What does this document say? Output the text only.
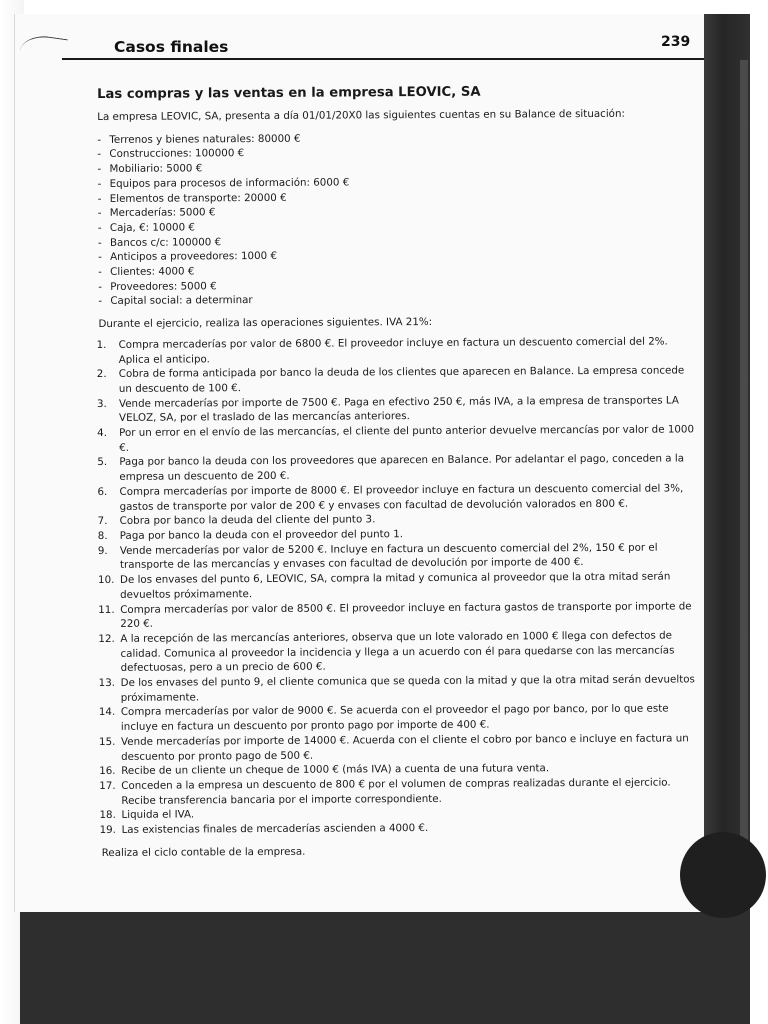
Casos finales	239
Las compras y las ventas en la empresa LEOVIC, SA
La empresa LEOVIC, SA, presenta a día 01/01/20X0 las siguientes cuentas en su Balance de situación:
- Terrenos y bienes naturales: 80000 €
- Construcciones: 100000 €
- Mobiliario: 5000 €
- Equipos para procesos de información: 6000 €
- Elementos de transporte: 20000 €
- Mercaderías: 5000 €
- Caja, €: 10000 €
- Bancos c/c: 100000 €
- Anticipos a proveedores: 1000 €
- Clientes: 4000 €
- Proveedores: 5000 €
- Capital social: a determinar
Durante el ejercicio, realiza las operaciones siguientes. IVA 21%:
1. Compra mercaderías por valor de 6800 €. El proveedor incluye en factura un descuento comercial del 2%. Aplica el anticipo.
2. Cobra de forma anticipada por banco la deuda de los clientes que aparecen en Balance. La empresa concede un descuento de 100 €.
3. Vende mercaderías por importe de 7500 €. Paga en efectivo 250 €, más IVA, a la empresa de transportes LA VELOZ, SA, por el traslado de las mercancías anteriores.
4. Por un error en el envío de las mercancías, el cliente del punto anterior devuelve mercancías por valor de 1000 €.
5. Paga por banco la deuda con los proveedores que aparecen en Balance. Por adelantar el pago, conceden a la empresa un descuento de 200 €.
6. Compra mercaderías por importe de 8000 €. El proveedor incluye en factura un descuento comercial del 3%, gastos de transporte por valor de 200 € y envases con facultad de devolución valorados en 800 €.
7. Cobra por banco la deuda del cliente del punto 3.
8. Paga por banco la deuda con el proveedor del punto 1.
9. Vende mercaderías por valor de 5200 €. Incluye en factura un descuento comercial del 2%, 150 € por el transporte de las mercancías y envases con facultad de devolución por importe de 400 €.
10. De los envases del punto 6, LEOVIC, SA, compra la mitad y comunica al proveedor que la otra mitad serán devueltos próximamente.
11. Compra mercaderías por valor de 8500 €. El proveedor incluye en factura gastos de transporte por importe de 220 €.
12. A la recepción de las mercancías anteriores, observa que un lote valorado en 1000 € llega con defectos de calidad. Comunica al proveedor la incidencia y llega a un acuerdo con él para quedarse con las mercancías defectuosas, pero a un precio de 600 €.
13. De los envases del punto 9, el cliente comunica que se queda con la mitad y que la otra mitad serán devueltos próximamente.
14. Compra mercaderías por valor de 9000 €. Se acuerda con el proveedor el pago por banco, por lo que este incluye en factura un descuento por pronto pago por importe de 400 €.
15. Vende mercaderías por importe de 14000 €. Acuerda con el cliente el cobro por banco e incluye en factura un descuento por pronto pago de 500 €.
16. Recibe de un cliente un cheque de 1000 € (más IVA) a cuenta de una futura venta.
17. Conceden a la empresa un descuento de 800 € por el volumen de compras realizadas durante el ejercicio. Recibe transferencia bancaria por el importe correspondiente.
18. Liquida el IVA.
19. Las existencias finales de mercaderías ascienden a 4000 €.
Realiza el ciclo contable de la empresa.
